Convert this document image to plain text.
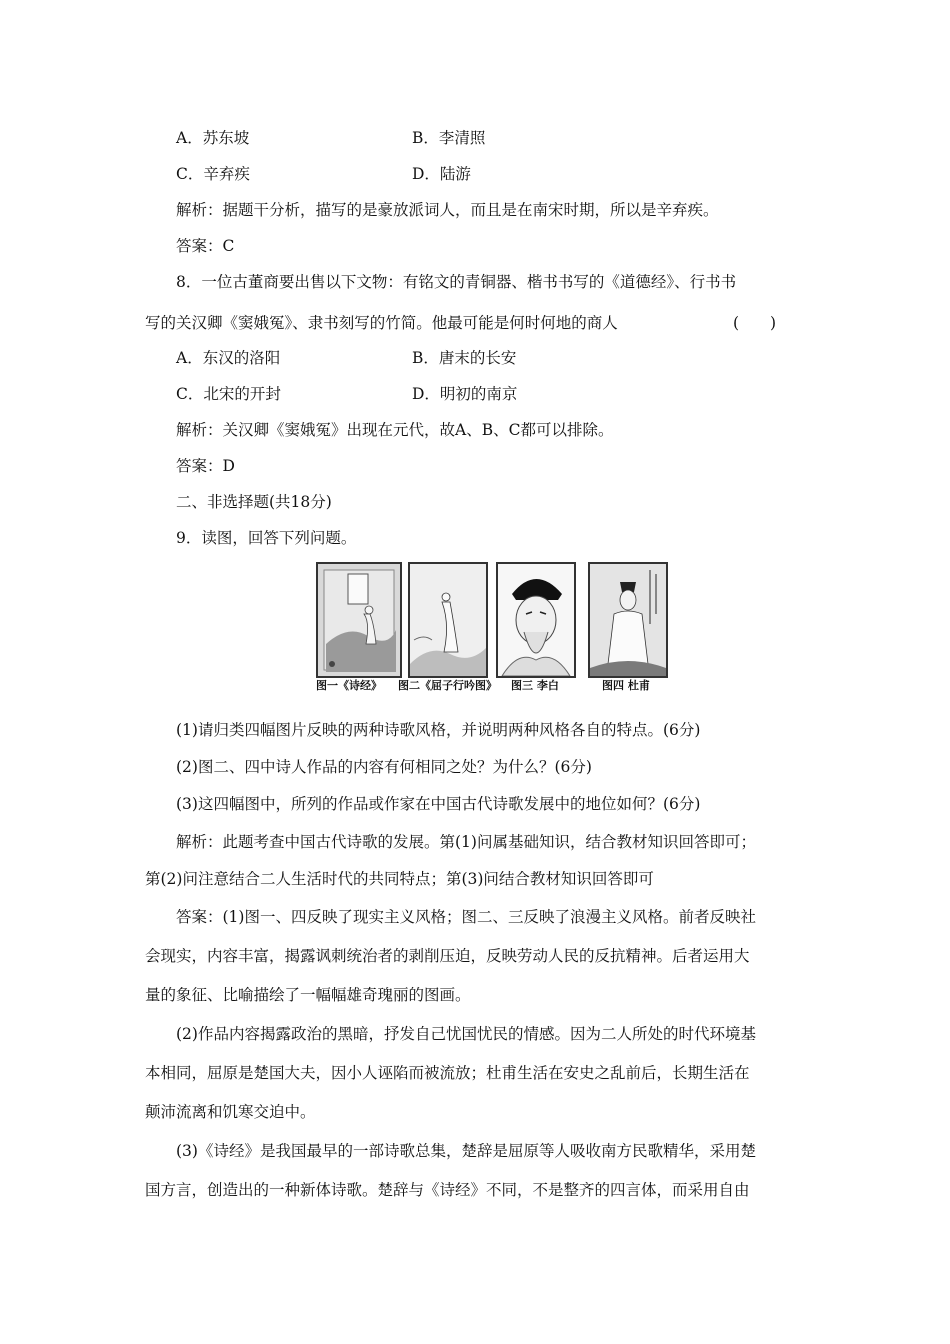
A．苏东坡	B．李清照
C．辛弃疾	D．陆游
解析：据题干分析，描写的是豪放派词人，而且是在南宋时期，所以是辛弃疾。
答案：C
8．一位古董商要出售以下文物：有铭文的青铜器、楷书书写的《道德经》、行书书
写的关汉卿《窦娥冤》、隶书刻写的竹简。他最可能是何时何地的商人	(　　)
A．东汉的洛阳	B．唐末的长安
C．北宋的开封	D．明初的南京
解析：关汉卿《窦娥冤》出现在元代，故A、B、C都可以排除。
答案：D
二、非选择题(共18分)
9．读图，回答下列问题。
图一《诗经》 图二《屈子行吟图》 图三 李白	图四 杜甫
(1)请归类四幅图片反映的两种诗歌风格，并说明两种风格各自的特点。(6分)
(2)图二、四中诗人作品的内容有何相同之处？为什么？(6分)
(3)这四幅图中，所列的作品或作家在中国古代诗歌发展中的地位如何？(6分)
解析：此题考查中国古代诗歌的发展。第(1)问属基础知识，结合教材知识回答即可；
第(2)问注意结合二人生活时代的共同特点；第(3)问结合教材知识回答即可
答案：(1)图一、四反映了现实主义风格；图二、三反映了浪漫主义风格。前者反映社
会现实，内容丰富，揭露讽刺统治者的剥削压迫，反映劳动人民的反抗精神。后者运用大
量的象征、比喻描绘了一幅幅雄奇瑰丽的图画。
(2)作品内容揭露政治的黑暗，抒发自己忧国忧民的情感。因为二人所处的时代环境基
本相同，屈原是楚国大夫，因小人诬陷而被流放；杜甫生活在安史之乱前后，长期生活在
颠沛流离和饥寒交迫中。
(3)《诗经》是我国最早的一部诗歌总集，楚辞是屈原等人吸收南方民歌精华，采用楚
国方言，创造出的一种新体诗歌。楚辞与《诗经》不同，不是整齐的四言体，而采用自由
